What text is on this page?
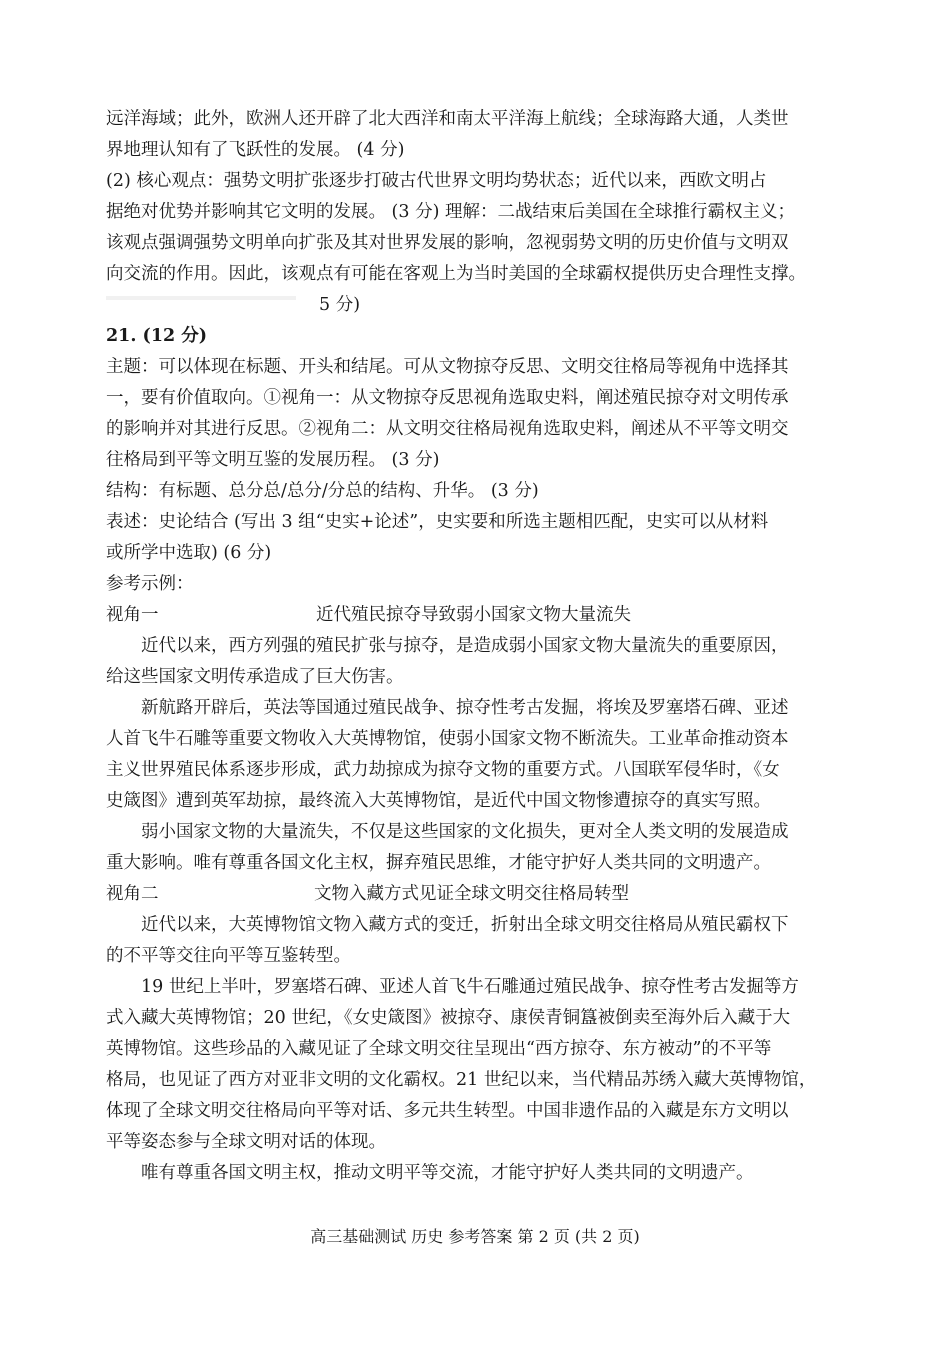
远洋海域；此外，欧洲人还开辟了北大西洋和南太平洋海上航线；全球海路大通，人类世
界地理认知有了飞跃性的发展。 (4 分)
(2) 核心观点：强势文明扩张逐步打破古代世界文明均势状态；近代以来，西欧文明占
据绝对优势并影响其它文明的发展。 (3 分) 理解：二战结束后美国在全球推行霸权主义；
该观点强调强势文明单向扩张及其对世界发展的影响，忽视弱势文明的历史价值与文明双
向交流的作用。因此，该观点有可能在客观上为当时美国的全球霸权提供历史合理性支撑。
5 分)
21. (12 分)
主题：可以体现在标题、开头和结尾。可从文物掠夺反思、文明交往格局等视角中选择其
一，要有价值取向。①视角一：从文物掠夺反思视角选取史料，阐述殖民掠夺对文明传承
的影响并对其进行反思。②视角二：从文明交往格局视角选取史料，阐述从不平等文明交
往格局到平等文明互鉴的发展历程。 (3 分)
结构：有标题、总分总/总分/分总的结构、升华。 (3 分)
表述：史论结合 (写出 3 组“史实+论述”，史实要和所选主题相匹配，史实可以从材料
或所学中选取) (6 分)
参考示例：
视角一	近代殖民掠夺导致弱小国家文物大量流失
近代以来，西方列强的殖民扩张与掠夺，是造成弱小国家文物大量流失的重要原因，
给这些国家文明传承造成了巨大伤害。
新航路开辟后，英法等国通过殖民战争、掠夺性考古发掘，将埃及罗塞塔石碑、亚述
人首飞牛石雕等重要文物收入大英博物馆，使弱小国家文物不断流失。工业革命推动资本
主义世界殖民体系逐步形成，武力劫掠成为掠夺文物的重要方式。八国联军侵华时，《女
史箴图》遭到英军劫掠，最终流入大英博物馆，是近代中国文物惨遭掠夺的真实写照。
弱小国家文物的大量流失，不仅是这些国家的文化损失，更对全人类文明的发展造成
重大影响。唯有尊重各国文化主权，摒弃殖民思维，才能守护好人类共同的文明遗产。
视角二	文物入藏方式见证全球文明交往格局转型
近代以来，大英博物馆文物入藏方式的变迁，折射出全球文明交往格局从殖民霸权下
的不平等交往向平等互鉴转型。
19 世纪上半叶，罗塞塔石碑、亚述人首飞牛石雕通过殖民战争、掠夺性考古发掘等方
式入藏大英博物馆；20 世纪，《女史箴图》被掠夺、康侯青铜簋被倒卖至海外后入藏于大
英博物馆。这些珍品的入藏见证了全球文明交往呈现出“西方掠夺、东方被动”的不平等
格局，也见证了西方对亚非文明的文化霸权。21 世纪以来，当代精品苏绣入藏大英博物馆，
体现了全球文明交往格局向平等对话、多元共生转型。中国非遗作品的入藏是东方文明以
平等姿态参与全球文明对话的体现。
唯有尊重各国文明主权，推动文明平等交流，才能守护好人类共同的文明遗产。
高三基础测试 历史 参考答案 第 2 页 (共 2 页)
